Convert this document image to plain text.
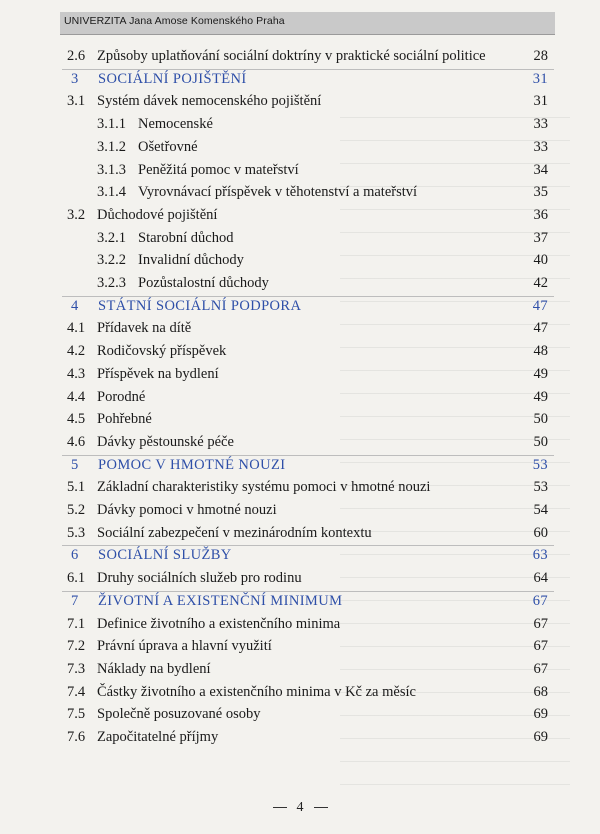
UNIVERZITA Jana Amose Komenského Praha
2.6 Způsoby uplatňování sociální doktríny v praktické sociální politice	28
3 SOCIÁLNÍ POJIŠTĚNÍ	31
3.1 Systém dávek nemocenského pojištění	31
3.1.1 Nemocenské	33
3.1.2 Ošetřovné	33
3.1.3 Peněžitá pomoc v mateřství	34
3.1.4 Vyrovnávací příspěvek v těhotenství a mateřství	35
3.2 Důchodové pojištění	36
3.2.1 Starobní důchod	37
3.2.2 Invalidní důchody	40
3.2.3 Pozůstalostní důchody	42
4 STÁTNÍ SOCIÁLNÍ PODPORA	47
4.1 Přídavek na dítě	47
4.2 Rodičovský příspěvek	48
4.3 Příspěvek na bydlení	49
4.4 Porodné	49
4.5 Pohřebné	50
4.6 Dávky pěstounské péče	50
5 POMOC V HMOTNÉ NOUZI	53
5.1 Základní charakteristiky systému pomoci v hmotné nouzi	53
5.2 Dávky pomoci v hmotné nouzi	54
5.3 Sociální zabezpečení v mezinárodním kontextu	60
6 SOCIÁLNÍ SLUŽBY	63
6.1 Druhy sociálních služeb pro rodinu	64
7 ŽIVOTNÍ A EXISTENČNÍ MINIMUM	67
7.1 Definice životního a existenčního minima	67
7.2 Právní úprava a hlavní využití	67
7.3 Náklady na bydlení	67
7.4 Částky životního a existenčního minima v Kč za měsíc	68
7.5 Společně posuzované osoby	69
7.6 Započitatelné příjmy	69
4
